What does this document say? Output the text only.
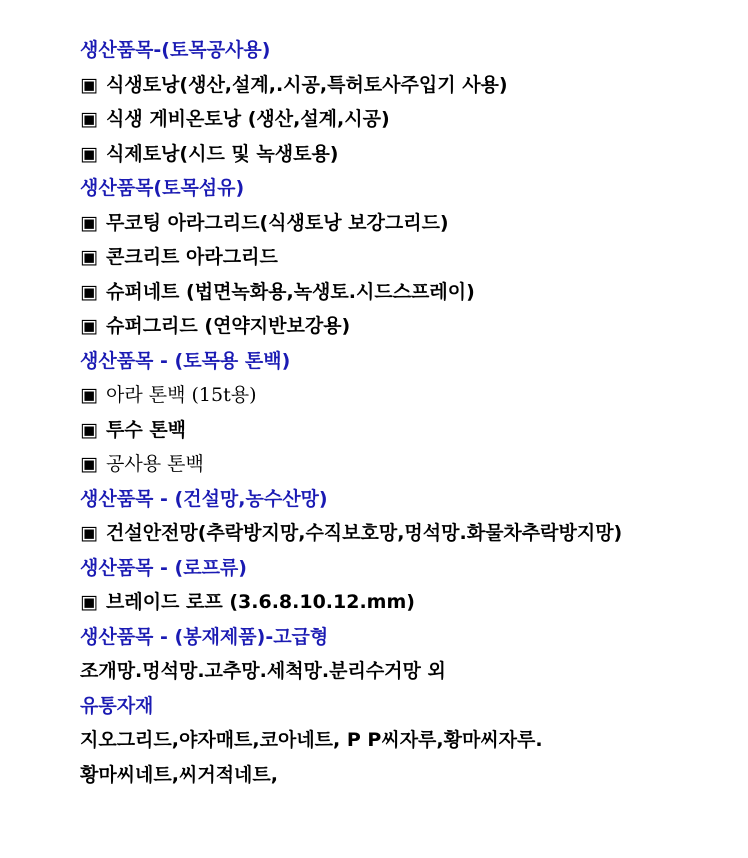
생산품목-(토목공사용)
▣ 식생토낭(생산,설계,.시공,특허토사주입기 사용)
▣ 식생 게비온토낭 (생산,설계,시공)
▣ 식제토낭(시드 및 녹생토용)
생산품목(토목섬유)
▣ 무코팅 아라그리드(식생토낭 보강그리드)
▣ 콘크리트 아라그리드
▣ 슈퍼네트 (법면녹화용,녹생토.시드스프레이)
▣ 슈퍼그리드 (연약지반보강용)
생산품목 - (토목용 톤백)
▣ 아라 톤백 (15t용)
▣ 투수 톤백
▣ 공사용 톤백
생산품목 - (건설망,농수산망)
▣ 건설안전망(추락방지망,수직보호망,멍석망.화물차추락방지망)
생산품목 - (로프류)
▣ 브레이드 로프 (3.6.8.10.12.mm)
생산품목 - (봉재제품)-고급형
조개망.멍석망.고추망.세척망.분리수거망 외
유통자재
지오그리드,야자매트,코아네트, P P씨자루,황마씨자루.
황마씨네트,씨거적네트,
